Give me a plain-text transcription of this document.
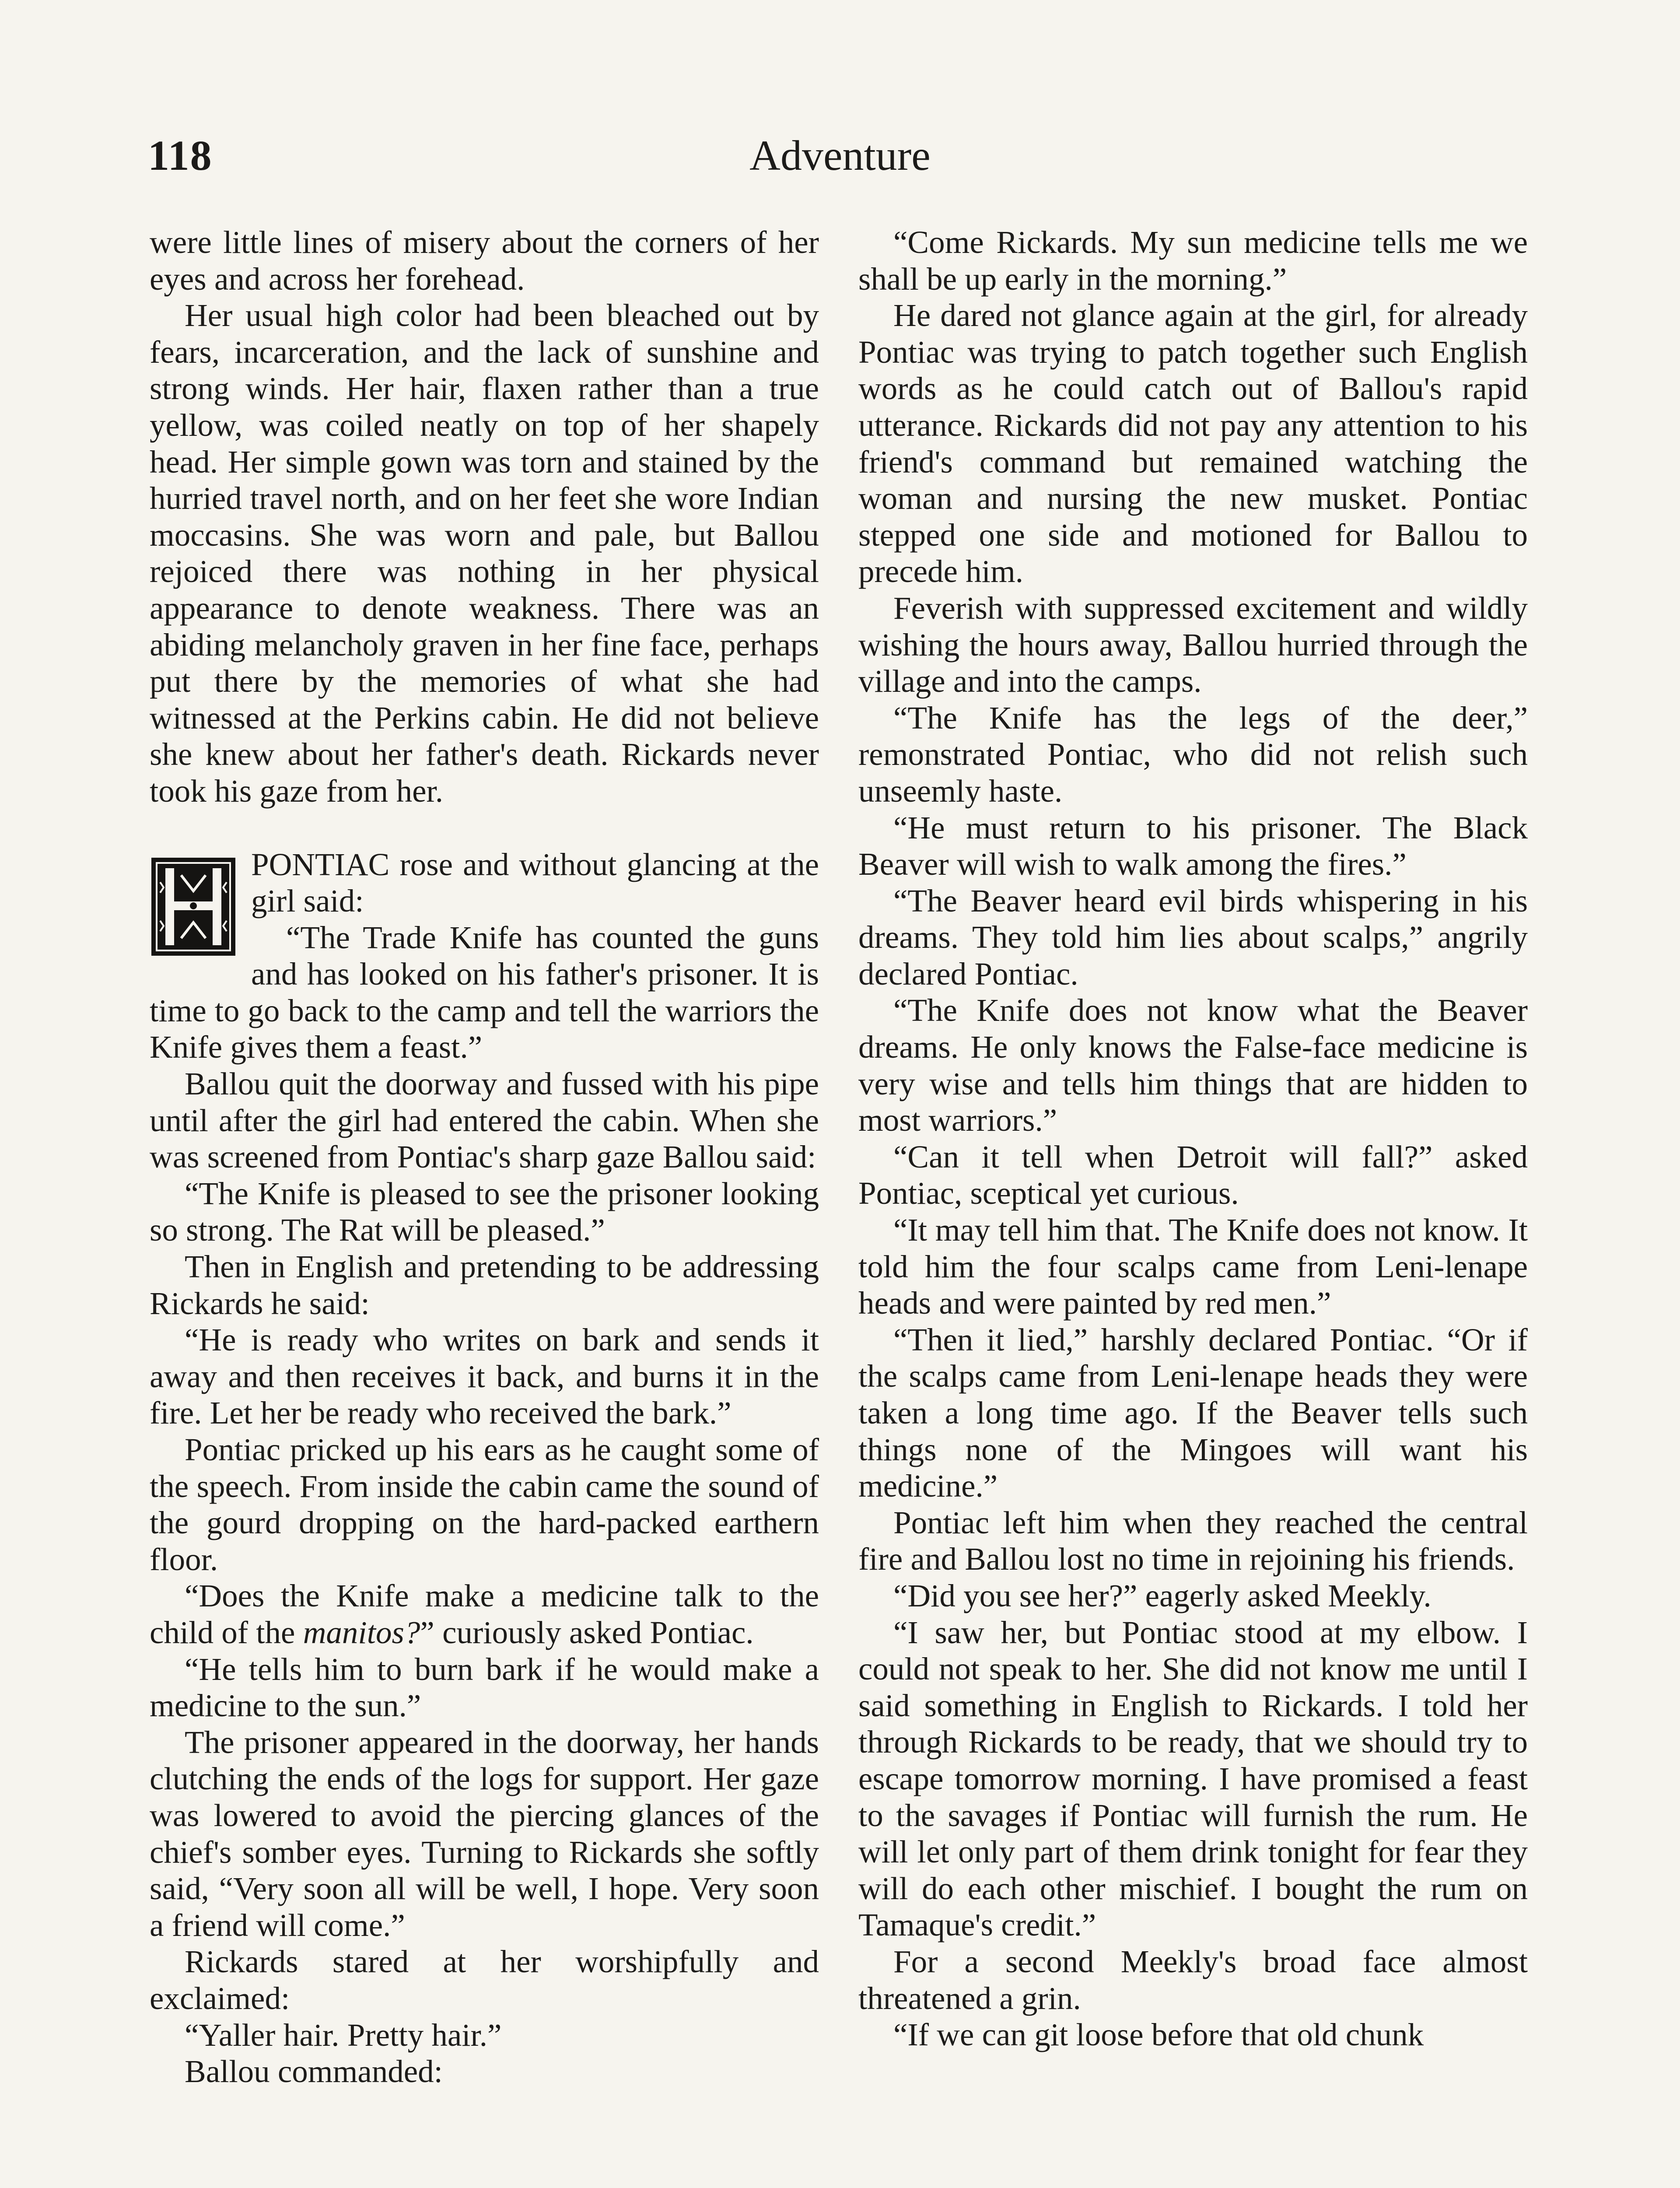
118	Adventure

were little lines of misery about the corners of her eyes and across her forehead.

Her usual high color had been bleached out by fears, incarceration, and the lack of sunshine and strong winds. Her hair, flaxen rather than a true yellow, was coiled neatly on top of her shapely head. Her simple gown was torn and stained by the hurried travel north, and on her feet she wore Indian moccasins. She was worn and pale, but Ballou rejoiced there was nothing in her physical appearance to denote weakness. There was an abiding melancholy graven in her fine face, perhaps put there by the memories of what she had witnessed at the Perkins cabin. He did not believe she knew about her father's death. Rickards never took his gaze from her.

PONTIAC rose and without glancing at the girl said:

“The Trade Knife has counted the guns and has looked on his father's prisoner. It is time to go back to the camp and tell the warriors the Knife gives them a feast.”

Ballou quit the doorway and fussed with his pipe until after the girl had entered the cabin. When she was screened from Pontiac's sharp gaze Ballou said:

“The Knife is pleased to see the prisoner looking so strong. The Rat will be pleased.”

Then in English and pretending to be addressing Rickards he said:

“He is ready who writes on bark and sends it away and then receives it back, and burns it in the fire. Let her be ready who received the bark.”

Pontiac pricked up his ears as he caught some of the speech. From inside the cabin came the sound of the gourd dropping on the hard-packed earthern floor.

“Does the Knife make a medicine talk to the child of the manitos?” curiously asked Pontiac.

“He tells him to burn bark if he would make a medicine to the sun.”

The prisoner appeared in the doorway, her hands clutching the ends of the logs for support. Her gaze was lowered to avoid the piercing glances of the chief's somber eyes. Turning to Rickards she softly said, “Very soon all will be well, I hope. Very soon a friend will come.”

Rickards stared at her worshipfully and exclaimed:

“Yaller hair. Pretty hair.”

Ballou commanded:

“Come Rickards. My sun medicine tells me we shall be up early in the morning.”

He dared not glance again at the girl, for already Pontiac was trying to patch together such English words as he could catch out of Ballou's rapid utterance. Rickards did not pay any attention to his friend's command but remained watching the woman and nursing the new musket. Pontiac stepped one side and motioned for Ballou to precede him.

Feverish with suppressed excitement and wildly wishing the hours away, Ballou hurried through the village and into the camps.

“The Knife has the legs of the deer,” remonstrated Pontiac, who did not relish such unseemly haste.

“He must return to his prisoner. The Black Beaver will wish to walk among the fires.”

“The Beaver heard evil birds whispering in his dreams. They told him lies about scalps,” angrily declared Pontiac.

“The Knife does not know what the Beaver dreams. He only knows the False-face medicine is very wise and tells him things that are hidden to most warriors.”

“Can it tell when Detroit will fall?” asked Pontiac, sceptical yet curious.

“It may tell him that. The Knife does not know. It told him the four scalps came from Leni-lenape heads and were painted by red men.”

“Then it lied,” harshly declared Pontiac. “Or if the scalps came from Leni-lenape heads they were taken a long time ago. If the Beaver tells such things none of the Mingoes will want his medicine.”

Pontiac left him when they reached the central fire and Ballou lost no time in rejoining his friends.

“Did you see her?” eagerly asked Meekly.

“I saw her, but Pontiac stood at my elbow. I could not speak to her. She did not know me until I said something in English to Rickards. I told her through Rickards to be ready, that we should try to escape tomorrow morning. I have promised a feast to the savages if Pontiac will furnish the rum. He will let only part of them drink tonight for fear they will do each other mischief. I bought the rum on Tamaque's credit.”

For a second Meekly's broad face almost threatened a grin.

“If we can git loose before that old chunk
